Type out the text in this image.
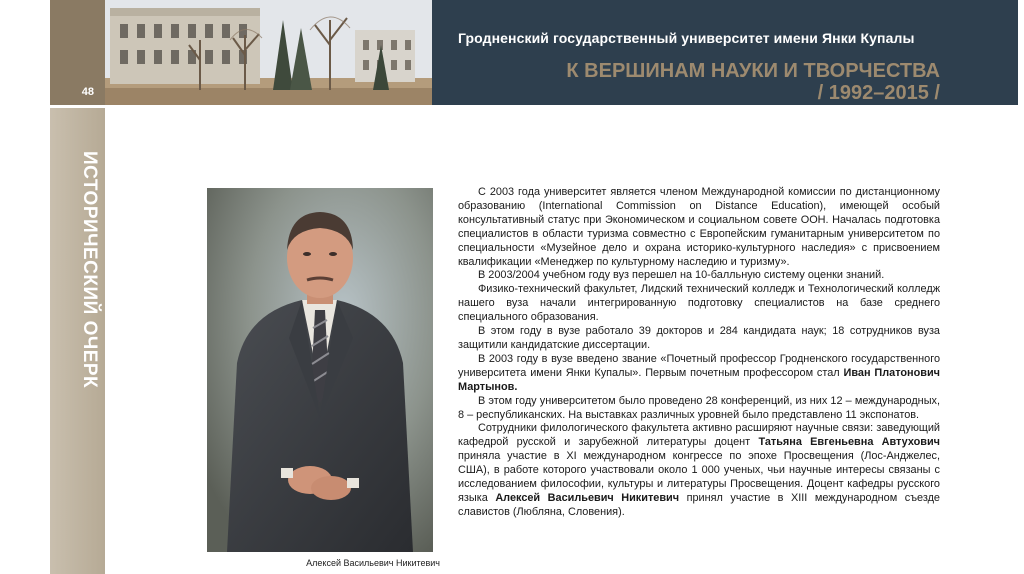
48
ИСТОРИЧЕСКИЙ ОЧЕРК
Гродненский государственный университет имени Янки Купалы
К ВЕРШИНАМ НАУКИ И ТВОРЧЕСТВА
/ 1992–2015 /
Алексей Васильевич Никитевич

С 2003 года университет является членом Международной комиссии по дистанционному образованию (International Commission on Distance Education), имеющей особый консультативный статус при Экономическом и социальном совете ООН. Началась подготовка специалистов в области туризма совместно с Европейским гуманитарным университетом по специальности «Музейное дело и охрана историко-культурного наследия» с присвоением квалификации «Менеджер по культурному наследию и туризму».

В 2003/2004 учебном году вуз перешел на 10-балльную систему оценки знаний.

Физико-технический факультет, Лидский технический колледж и Технологический колледж нашего вуза начали интегрированную подготовку специалистов на базе среднего специального образования.

В этом году в вузе работало 39 докторов и 284 кандидата наук; 18 сотрудников вуза защитили кандидатские диссертации.

В 2003 году в вузе введено звание «Почетный профессор Гродненского государственного университета имени Янки Купалы». Первым почетным профессором стал Иван Платонович Мартынов.

В этом году университетом было проведено 28 конференций, из них 12 – международных, 8 – республиканских. На выставках различных уровней было представлено 11 экспонатов.

Сотрудники филологического факультета активно расширяют научные связи: заведующий кафедрой русской и зарубежной литературы доцент Татьяна Евгеньевна Автухович приняла участие в XI международном конгрессе по эпохе Просвещения (Лос-Анджелес, США), в работе которого участвовали около 1 000 ученых, чьи научные интересы связаны с исследованием философии, культуры и литературы Просвещения. Доцент кафедры русского языка Алексей Васильевич Никитевич принял участие в XIII международном съезде славистов (Любляна, Словения).
